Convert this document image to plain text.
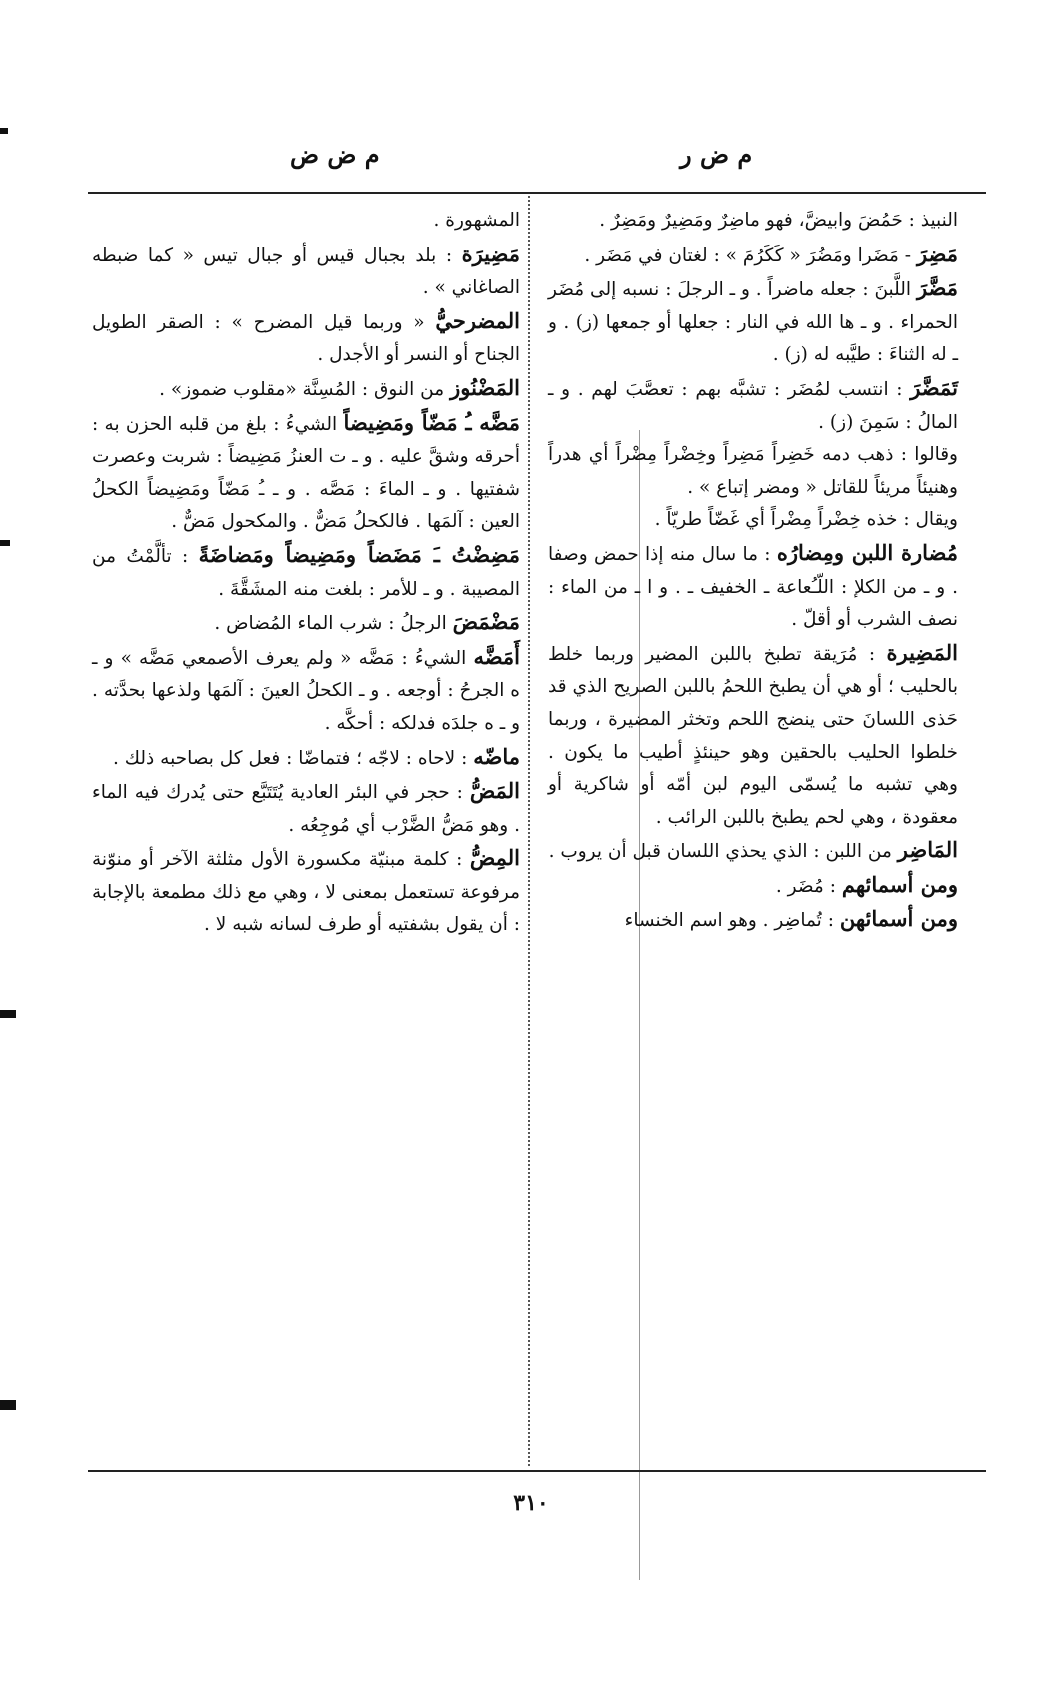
م ض ر
م ض ض

النبيذ : حَمُضَ وابيضَّ، فهو ماضِرٌ ومَضِيرٌ ومَضِرٌ .

مَضِرَ - مَضَرا ومَضُرَ « كَكَرُمَ » : لغتان في مَضَر .

مَضَّرَ اللَّبنَ : جعله ماضراً . و ـ الرجلَ : نسبه إلى مُضَر الحمراء . و ـ ها الله في النار : جعلها أو جمعها (ز) . و ـ له الثناءَ : طيَّبه له (ز) .

تَمَضَّرَ : انتسب لمُضَر : تشبَّه بهم : تعصَّبَ لهم . و ـ المالُ : سَمِنَ (ز) .

وقالوا : ذهب دمه خَضِراً مَضِراً وخِضْراً مِضْراً أي هدراً وهنيئاً مريئاً للقاتل « ومضر إتباع » .

ويقال : خذه خِضْراً مِضْراً أي غَضّاً طريّاً .

مُضارة اللبن ومِضارُه : ما سال منه إذا حمض وصفا . و ـ من الكلإ : اللّـُعاعة ـ الخفيف ـ . و ا ـ من الماء : نصف الشرب أو أقلّ .

المَضِيرة : مُرَيقة تطبخ باللبن المضير وربما خلط بالحليب ؛ أو هي أن يطبخ اللحمُ باللبن الصريح الذي قد حَذى اللسانَ حتى ينضج اللحم وتخثر المضيرة ، وربما خلطوا الحليب بالحقين وهو حينئذٍ أطيب ما يكون . وهي تشبه ما يُسمّى اليوم لبن أمّه أو شاكرية أو معقودة ، وهي لحم يطبخ باللبن الرائب .

المَاضِر من اللبن : الذي يحذي اللسان قبل أن يروب .

ومن أسمائهم : مُضَر .

ومن أسمائهن : تُماضِر . وهو اسم الخنساء

المشهورة .

مَضِيرَة : بلد بجبال قيس أو جبال تيس « كما ضبطه الصاغاني » .

المضرحيُّ « وربما قيل المضرح » : الصقر الطويل الجناح أو النسر أو الأجدل .

المَضْنُوز من النوق : المُسِنَّة «مقلوب ضموز» .

مَضَّه ـُ مَضّاً ومَضِيضاً الشيءُ : بلغ من قلبه الحزن به : أحرقه وشقَّ عليه . و ـ ت العنزُ مَضِيضاً : شربت وعصرت شفتيها . و ـ الماءَ : مَصَّه . و ـ ـُ مَضّاً ومَضِيضاً الكحلُ العين : آلمَها . فالكحلُ مَضٌّ . والمكحول مَضٌّ .

مَضِضْتُ ـَ مَضَضاً ومَضِيضاً ومَضاضَةً : تألَّمْتُ من المصيبة . و ـ للأمر : بلغت منه المشَقَّةَ .

مَضْمَضَ الرجلُ : شرب الماء المُضاض .

أَمَضَّه الشيءُ : مَضَّه « ولم يعرف الأصمعي مَضَّه » و ـ ه الجرحُ : أوجعه . و ـ الكحلُ العينَ : آلمَها ولذعها بحدَّته . و ـ ه جلدَه فدلكه : أحكَّه .

ماضّه : لاحاه : لاجّه ؛ فتماضّا : فعل كل بصاحبه ذلك .

المَضُّ : حجر في البئر العادية يُتَتَبَّع حتى يُدرك فيه الماء . وهو مَضُّ الضَّرْب أي مُوجِعُه .

المِضُّ : كلمة مبنيّة مكسورة الأول مثلثة الآخر أو منوّنة مرفوعة تستعمل بمعنى لا ، وهي مع ذلك مطمعة بالإجابة : أن يقول بشفتيه أو طرف لسانه شبه لا .

٣١٠
